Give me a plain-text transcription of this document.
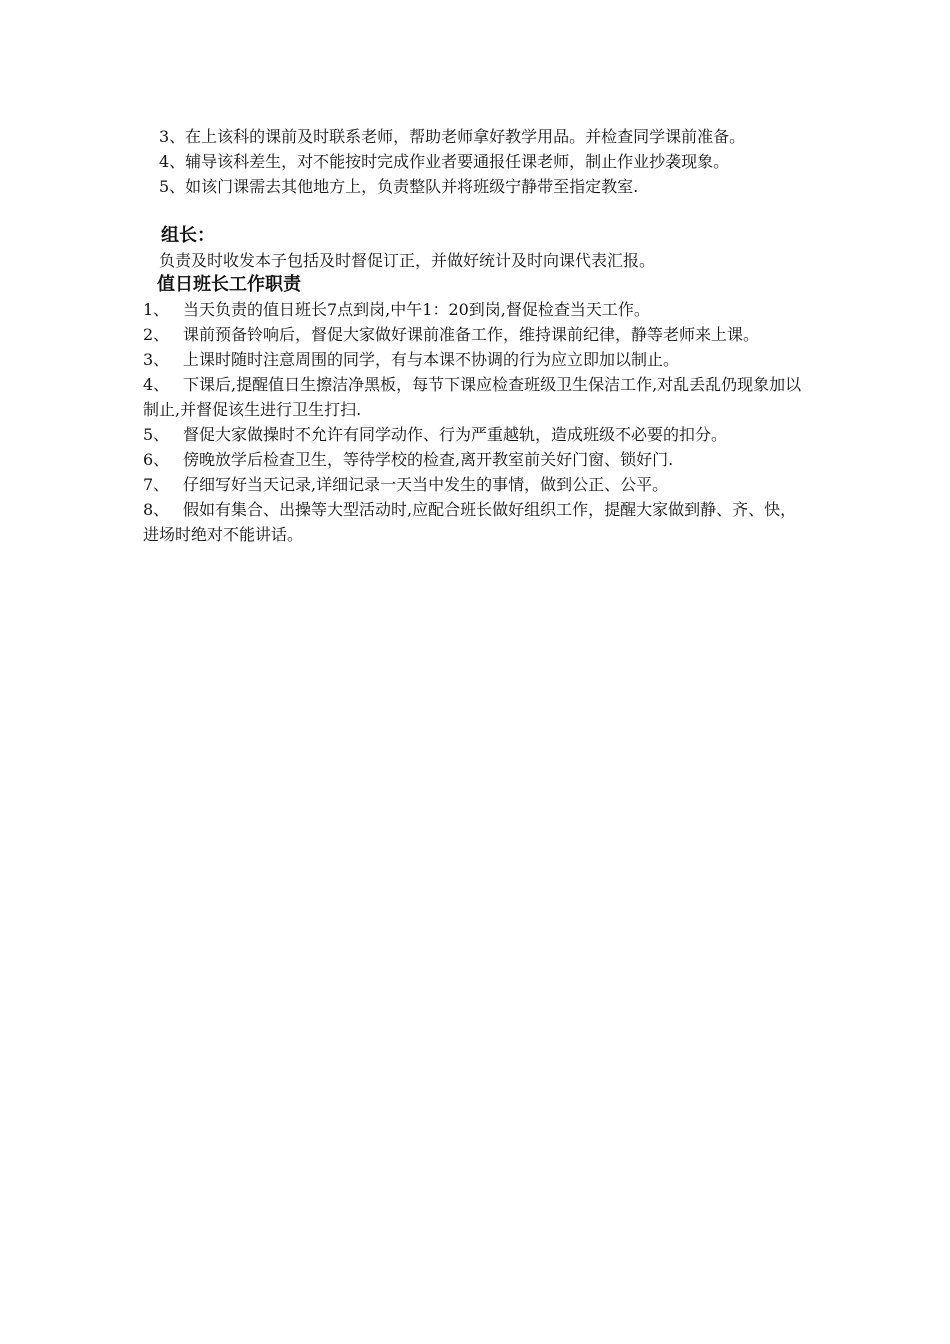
3、在上该科的课前及时联系老师，帮助老师拿好教学用品。并检查同学课前准备。

4、辅导该科差生，对不能按时完成作业者要通报任课老师，制止作业抄袭现象。

5、如该门课需去其他地方上，负责整队并将班级宁静带至指定教室.

组长：

负责及时收发本子包括及时督促订正，并做好统计及时向课代表汇报。

值日班长工作职责

1、 当天负责的值日班长7点到岗,中午1：20到岗,督促检查当天工作。
2、 课前预备铃响后，督促大家做好课前准备工作，维持课前纪律，静等老师来上课。
3、 上课时随时注意周围的同学，有与本课不协调的行为应立即加以制止。
4、 下课后,提醒值日生擦洁净黑板，每节下课应检查班级卫生保洁工作,对乱丢乱仍现象加以制止,并督促该生进行卫生打扫.
5、 督促大家做操时不允许有同学动作、行为严重越轨，造成班级不必要的扣分。
6、 傍晚放学后检查卫生，等待学校的检查,离开教室前关好门窗、锁好门.
7、 仔细写好当天记录,详细记录一天当中发生的事情，做到公正、公平。
8、 假如有集合、出操等大型活动时,应配合班长做好组织工作，提醒大家做到静、齐、快，进场时绝对不能讲话。
